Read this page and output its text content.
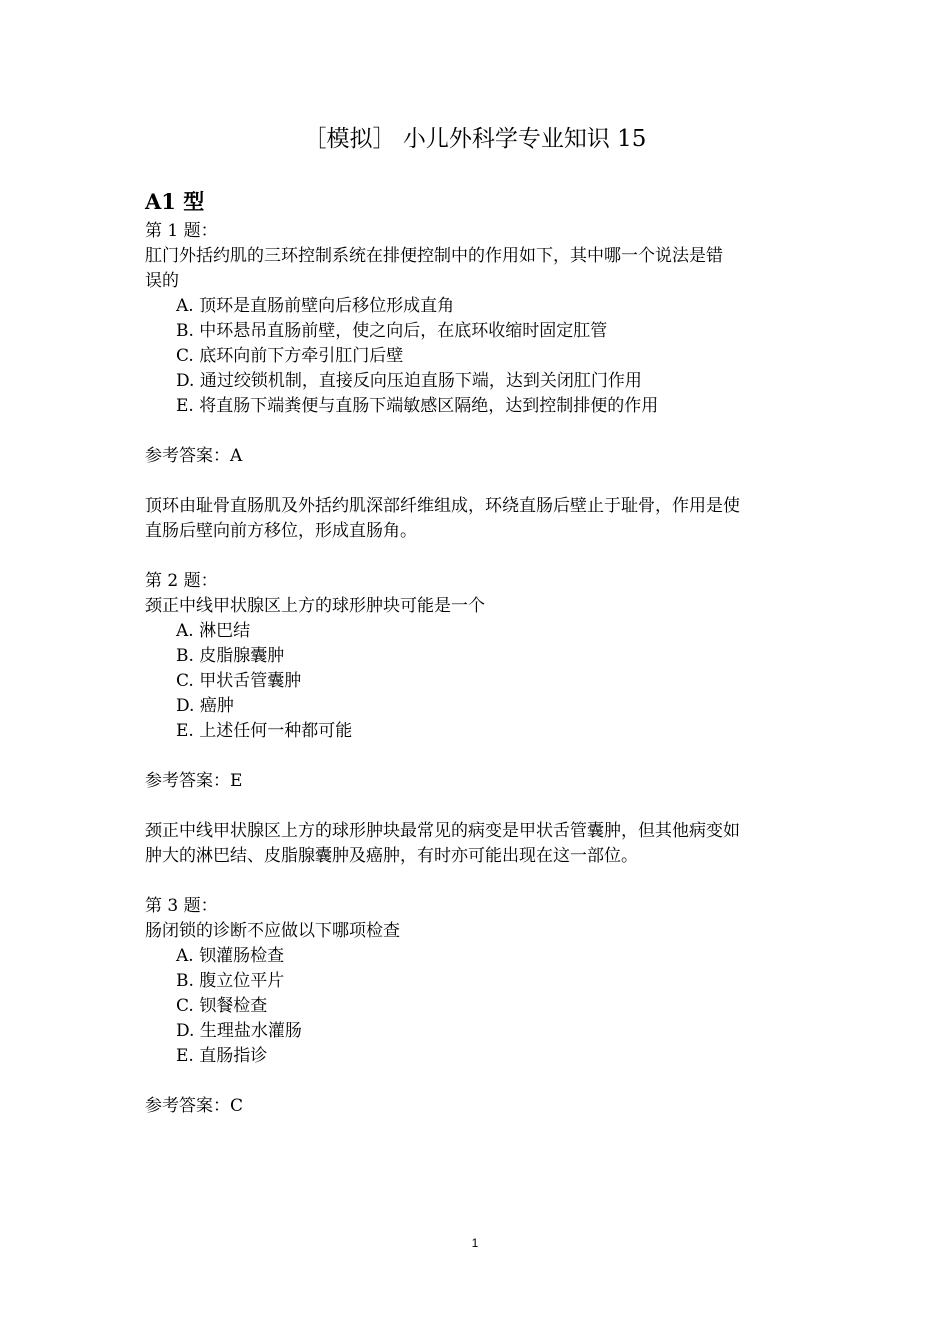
［模拟］ 小儿外科学专业知识 15
A1 型

第 1 题：

肛门外括约肌的三环控制系统在排便控制中的作用如下，其中哪一个说法是错

误的

A. 顶环是直肠前壁向后移位形成直角

B. 中环悬吊直肠前壁，使之向后，在底环收缩时固定肛管

C. 底环向前下方牵引肛门后壁

D. 通过绞锁机制，直接反向压迫直肠下端，达到关闭肛门作用

E. 将直肠下端粪便与直肠下端敏感区隔绝，达到控制排便的作用

参考答案：A

顶环由耻骨直肠肌及外括约肌深部纤维组成，环绕直肠后壁止于耻骨，作用是使

直肠后壁向前方移位，形成直肠角。

第 2 题：

颈正中线甲状腺区上方的球形肿块可能是一个

A. 淋巴结

B. 皮脂腺囊肿

C. 甲状舌管囊肿

D. 癌肿

E. 上述任何一种都可能

参考答案：E

颈正中线甲状腺区上方的球形肿块最常见的病变是甲状舌管囊肿，但其他病变如

肿大的淋巴结、皮脂腺囊肿及癌肿，有时亦可能出现在这一部位。

第 3 题：

肠闭锁的诊断不应做以下哪项检查

A. 钡灌肠检查

B. 腹立位平片

C. 钡餐检查

D. 生理盐水灌肠

E. 直肠指诊

参考答案：C

1
